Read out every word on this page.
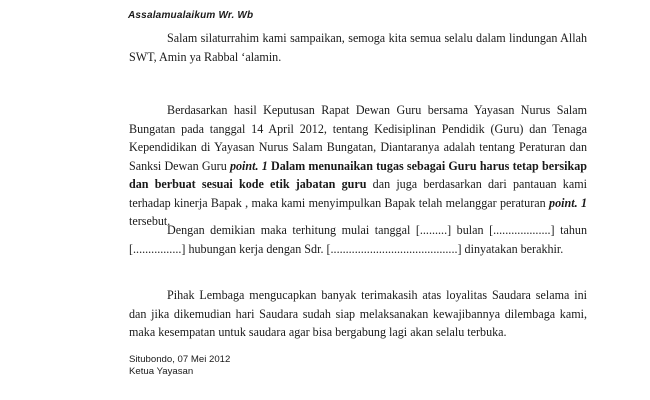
Assalamualaikum Wr. Wb

Salam silaturrahim kami sampaikan, semoga kita semua selalu dalam lindungan Allah SWT, Amin ya Rabbal ‘alamin.

Berdasarkan hasil Keputusan Rapat Dewan Guru bersama Yayasan Nurus Salam Bungatan pada tanggal 14 April 2012, tentang Kedisiplinan Pendidik (Guru) dan Tenaga Kependidikan di Yayasan Nurus Salam Bungatan, Diantaranya adalah tentang Peraturan dan Sanksi Dewan Guru point. 1 Dalam menunaikan tugas sebagai Guru harus tetap bersikap dan berbuat sesuai kode etik jabatan guru dan juga berdasarkan dari pantauan kami terhadap kinerja Bapak , maka kami menyimpulkan Bapak telah melanggar peraturan point. 1 tersebut.

Dengan demikian maka terhitung mulai tanggal [.........] bulan [...................] tahun [................] hubungan kerja dengan Sdr. [..........................................] dinyatakan berakhir.

Pihak Lembaga mengucapkan banyak terimakasih atas loyalitas Saudara selama ini dan jika dikemudian hari Saudara sudah siap melaksanakan kewajibannya dilembaga kami, maka kesempatan untuk saudara agar bisa bergabung lagi akan selalu terbuka.

Situbondo, 07 Mei 2012
Ketua Yayasan
